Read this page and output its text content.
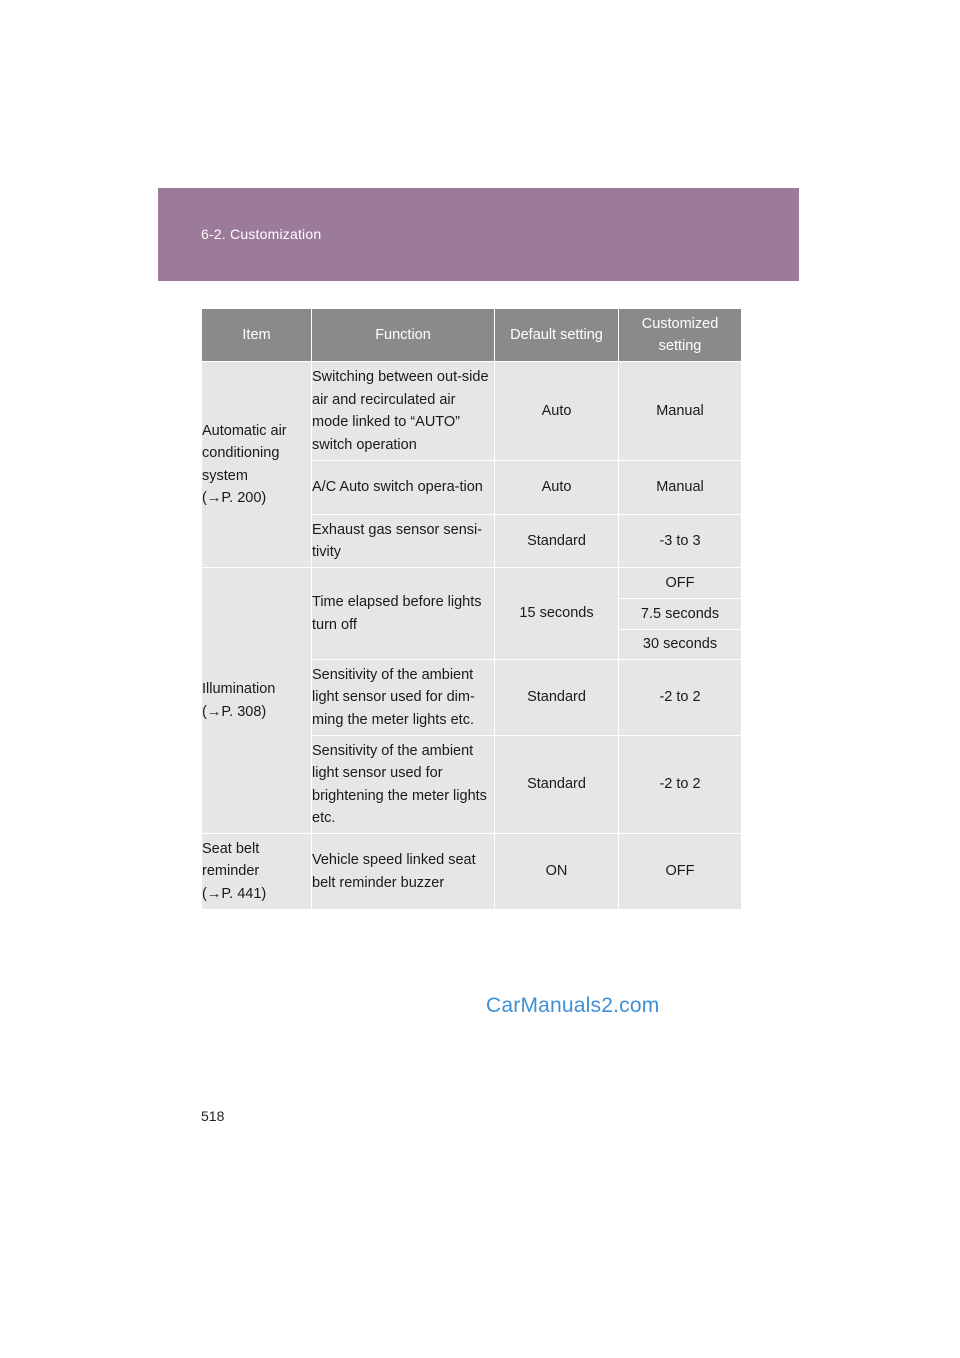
6-2. Customization
Item	Function	Default setting	Customized setting
Automatic air conditioning system
(→P. 200)	Switching between out-side air and recirculated air mode linked to “AUTO” switch operation	Auto	Manual
	A/C Auto switch opera-tion	Auto	Manual
	Exhaust gas sensor sensi-tivity	Standard	-3 to 3
Illumination
(→P. 308)	Time elapsed before lights turn off	15 seconds	OFF
			7.5 seconds
			30 seconds
	Sensitivity of the ambient light sensor used for dim-ming the meter lights etc.	Standard	-2 to 2
	Sensitivity of the ambient light sensor used for brightening the meter lights etc.	Standard	-2 to 2

Seat belt reminder
(→P. 441)	Vehicle speed linked seat belt reminder buzzer	ON	OFF
CarManuals2.com
518
